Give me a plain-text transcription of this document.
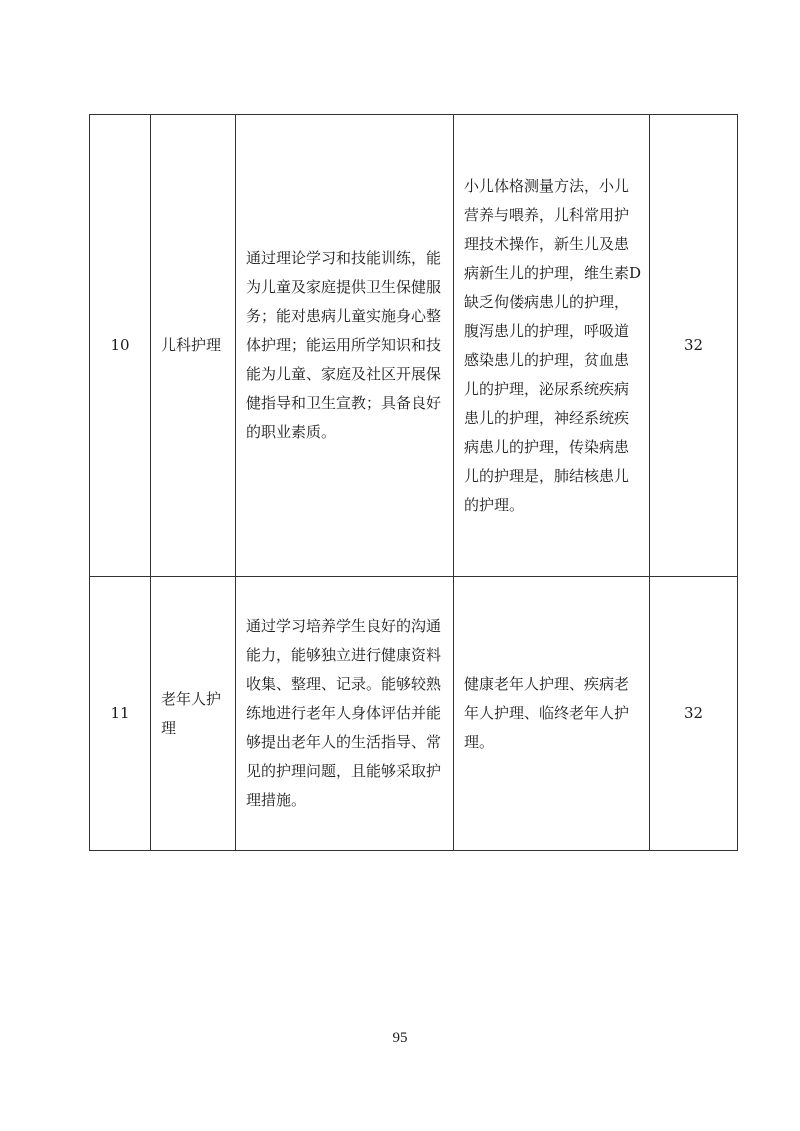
10	儿科护理	通过理论学习和技能训练，能为儿童及家庭提供卫生保健服务；能对患病儿童实施身心整体护理；能运用所学知识和技能为儿童、家庭及社区开展保健指导和卫生宣教；具备良好的职业素质。	小儿体格测量方法，小儿营养与喂养，儿科常用护理技术操作，新生儿及患病新生儿的护理，维生素D缺乏佝偻病患儿的护理，腹泻患儿的护理，呼吸道感染患儿的护理，贫血患儿的护理，泌尿系统疾病患儿的护理，神经系统疾病患儿的护理，传染病患儿的护理是，肺结核患儿的护理。	32
11	老年人护理	通过学习培养学生良好的沟通能力，能够独立进行健康资料收集、整理、记录。能够较熟练地进行老年人身体评估并能够提出老年人的生活指导、常见的护理问题，且能够采取护理措施。	健康老年人护理、疾病老年人护理、临终老年人护理。	32
95
